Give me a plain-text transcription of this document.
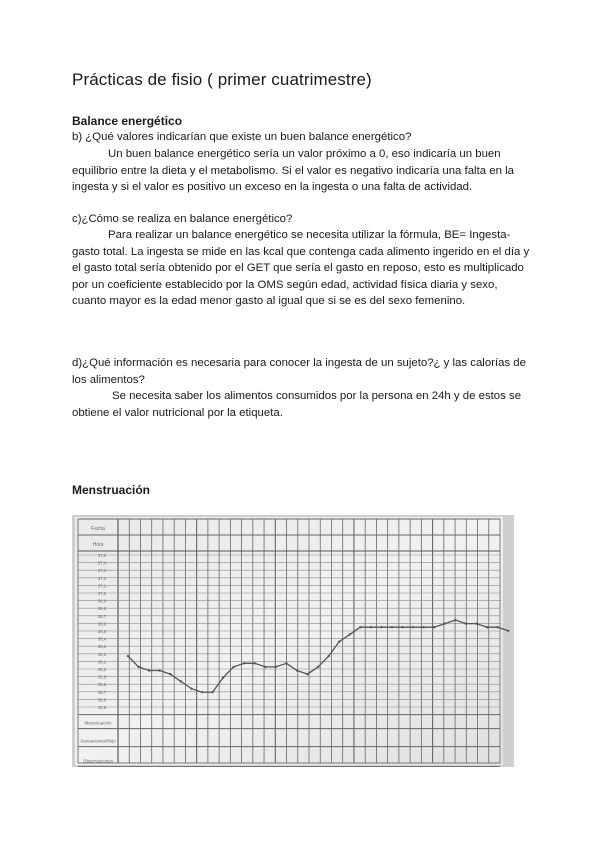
Prácticas de fisio ( primer cuatrimestre)
Balance energético

b) ¿Qué valores indicarían que existe un buen balance energético?

Un buen balance energético sería un valor próximo a 0, eso indicaría un buen equilibrio entre la dieta y el metabolismo. Si el valor es negativo indicaría una falta en la ingesta y si el valor es positivo un exceso en la ingesta o una falta de actividad.

c)¿Cómo se realiza en balance energético?

Para realizar un balance energético se necesita utilizar la fórmula, BE= Ingesta- gasto total. La ingesta se mide en las kcal que contenga cada alimento ingerido en el día y el gasto total sería obtenido por el GET que sería el gasto en reposo, esto es multiplicado por un coeficiente establecido por la OMS según edad, actividad física diaria y sexo, cuanto mayor es la edad menor gasto al igual que si se es del sexo femenino.

d)¿Qué información es necesaria para conocer la ingesta de un sujeto?¿ y las calorías de los alimentos?

Se necesita saber los alimentos consumidos por la persona en 24h y de estos se obtiene el valor nutricional por la etiqueta.

Menstruación
Fecha
Hora
37,5
37,4
37,3
37,2
37,1
37,0
36,9
36,8
36,7
36,6
36,5
36,4
36,3
36,2
36,1
36,0
35,9
35,8
35,7
35,6
35,5
Menstruación
Sensaciones/flujo
Observaciones
